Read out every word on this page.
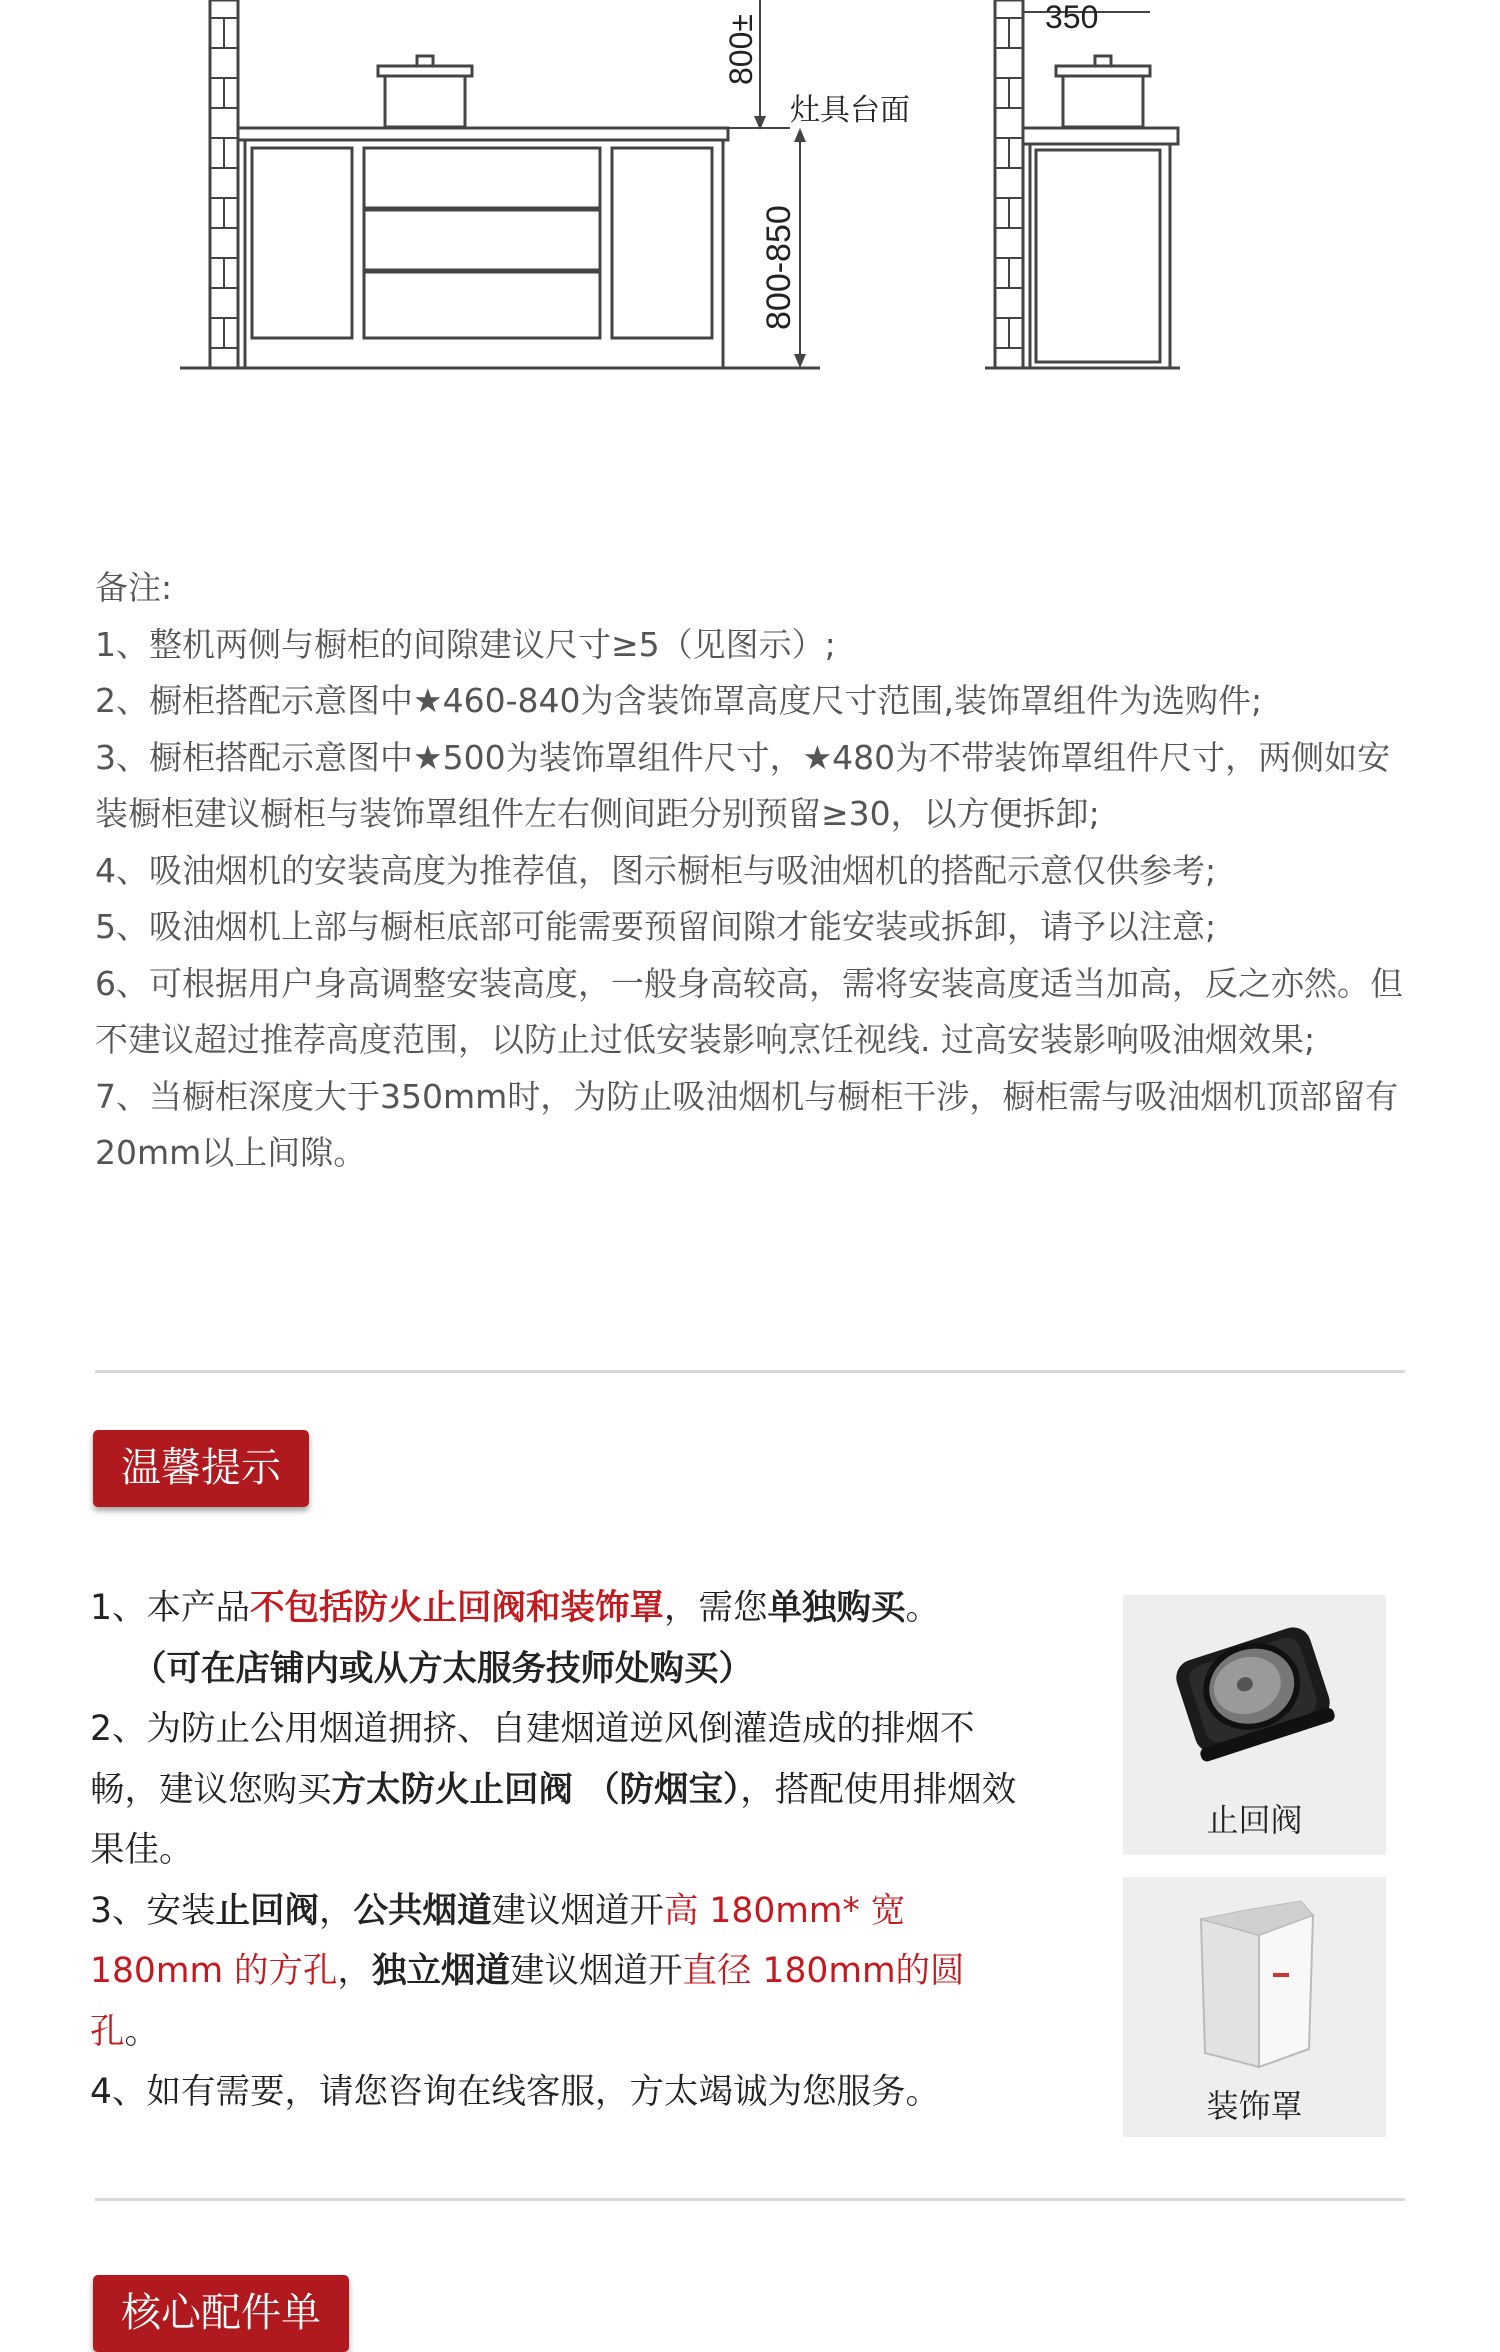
800±
灶具台面
800-850
350

备注:

1、整机两侧与橱柜的间隙建议尺寸≥5（见图示）;

2、橱柜搭配示意图中★460-840为含装饰罩高度尺寸范围,装饰罩组件为选购件;

3、橱柜搭配示意图中★500为装饰罩组件尺寸，★480为不带装饰罩组件尺寸，两侧如安装橱柜建议橱柜与装饰罩组件左右侧间距分别预留≥30，以方便拆卸;

4、吸油烟机的安装高度为推荐值，图示橱柜与吸油烟机的搭配示意仅供参考;

5、吸油烟机上部与橱柜底部可能需要预留间隙才能安装或拆卸，请予以注意;

6、可根据用户身高调整安装高度，一般身高较高，需将安装高度适当加高，反之亦然。但不建议超过推荐高度范围，以防止过低安装影响烹饪视线. 过高安装影响吸油烟效果;

7、当橱柜深度大于350mm时，为防止吸油烟机与橱柜干涉，橱柜需与吸油烟机顶部留有20mm以上间隙。

温馨提示

1、本产品不包括防火止回阀和装饰罩，需您单独购买。

（可在店铺内或从方太服务技师处购买）

2、为防止公用烟道拥挤、自建烟道逆风倒灌造成的排烟不畅，建议您购买方太防火止回阀 （防烟宝），搭配使用排烟效果佳。

3、安装止回阀，公共烟道建议烟道开高 180mm* 宽180mm 的方孔，独立烟道建议烟道开直径 180mm的圆孔。

4、如有需要，请您咨询在线客服，方太竭诚为您服务。

止回阀
装饰罩
核心配件单
